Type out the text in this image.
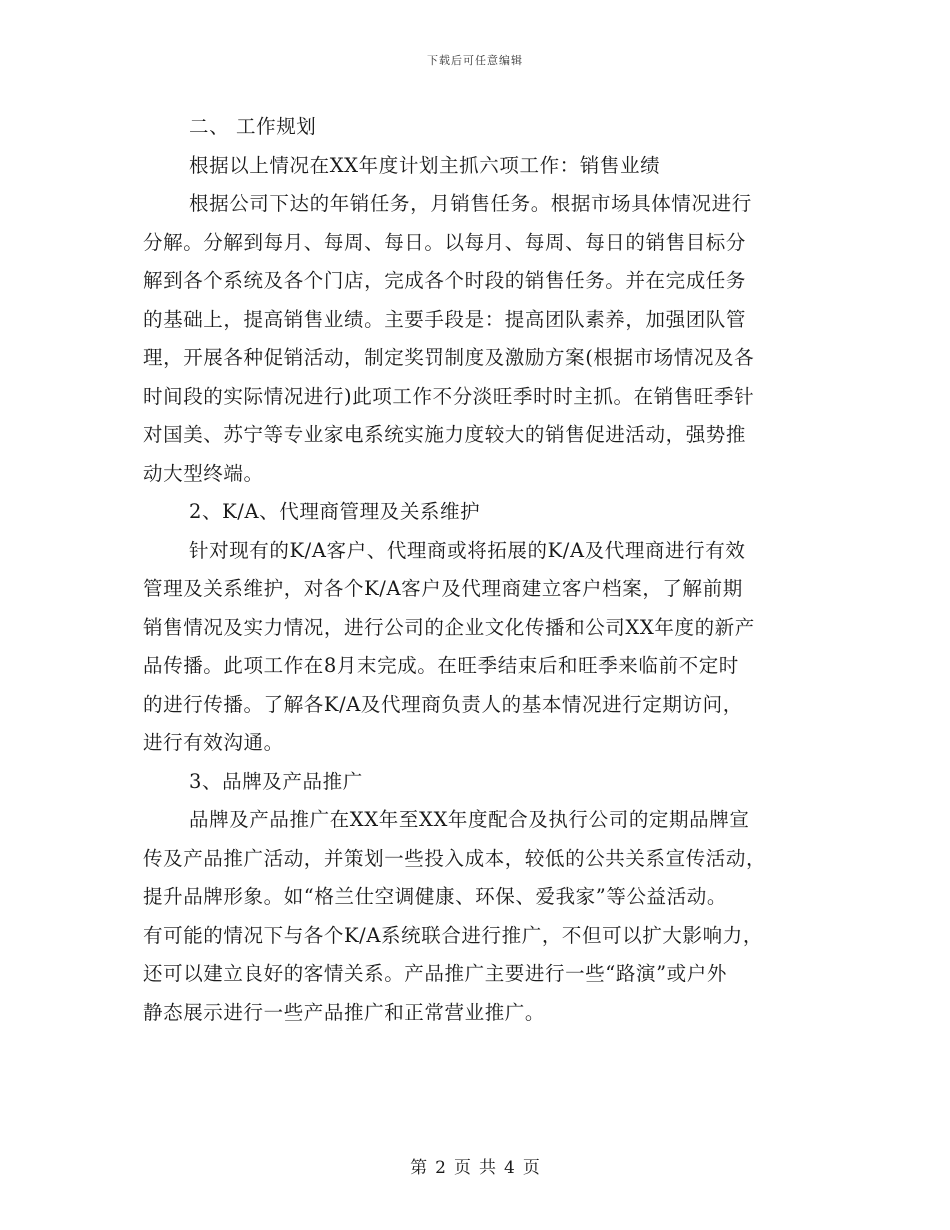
下载后可任意编辑
二、 工作规划
根据以上情况在XX年度计划主抓六项工作：销售业绩
根据公司下达的年销任务，月销售任务。根据市场具体情况进行
分解。分解到每月、每周、每日。以每月、每周、每日的销售目标分
解到各个系统及各个门店，完成各个时段的销售任务。并在完成任务
的基础上，提高销售业绩。主要手段是：提高团队素养，加强团队管
理，开展各种促销活动，制定奖罚制度及激励方案(根据市场情况及各
时间段的实际情况进行)此项工作不分淡旺季时时主抓。在销售旺季针
对国美、苏宁等专业家电系统实施力度较大的销售促进活动，强势推
动大型终端。
2、K/A、代理商管理及关系维护
针对现有的K/A客户、代理商或将拓展的K/A及代理商进行有效
管理及关系维护，对各个K/A客户及代理商建立客户档案，了解前期
销售情况及实力情况，进行公司的企业文化传播和公司XX年度的新产
品传播。此项工作在8月末完成。在旺季结束后和旺季来临前不定时
的进行传播。了解各K/A及代理商负责人的基本情况进行定期访问，
进行有效沟通。
3、品牌及产品推广
品牌及产品推广在XX年至XX年度配合及执行公司的定期品牌宣
传及产品推广活动，并策划一些投入成本，较低的公共关系宣传活动，
提升品牌形象。如“格兰仕空调健康、环保、爱我家”等公益活动。
有可能的情况下与各个K/A系统联合进行推广，不但可以扩大影响力，
还可以建立良好的客情关系。产品推广主要进行一些“路演”或户外
静态展示进行一些产品推广和正常营业推广。
第 2 页 共 4 页
